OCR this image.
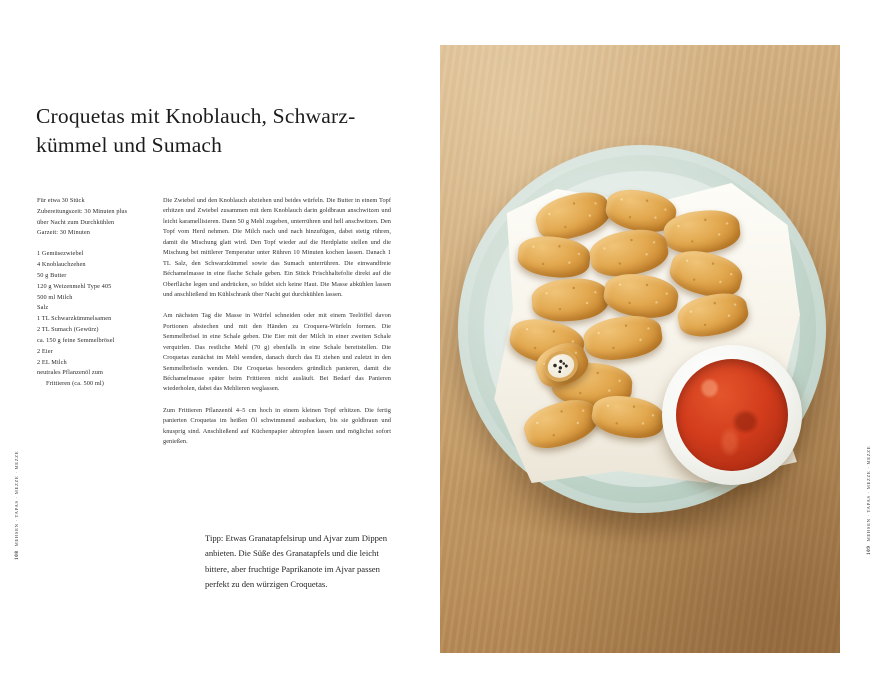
Croquetas mit Knoblauch, Schwarz- kümmel und Sumach
Für etwa 30 Stück
Zubereitungszeit: 30 Minuten plus
über Nacht zum Durchkühlen
Garzeit: 30 Minuten
1 Gemüsezwiebel
4 Knoblauchzehen
50 g Butter
120 g Weizenmehl Type 405
500 ml Milch
Salz
1 TL Schwarzkümmelsamen
2 TL Sumach (Gewürz)
ca. 150 g feine Semmelbrösel
2 Eier
2 EL Milch
neutrales Pflanzenöl zum
Frittieren (ca. 500 ml)

Die Zwiebel und den Knoblauch abziehen und beides würfeln. Die Butter in einem Topf erhitzen und Zwiebel zusammen mit dem Knoblauch darin goldbraun anschwitzen und leicht karamellisieren. Dann 50 g Mehl zugeben, unterrühren und hell anschwitzen. Den Topf vom Herd nehmen. Die Milch nach und nach hinzufügen, dabei stetig rühren, damit die Mischung glatt wird. Den Topf wieder auf die Herdplatte stellen und die Mischung bei mittlerer Temperatur unter Rühren 10 Minuten kochen lassen. Danach 1 TL Salz, den Schwarzkümmel sowie das Sumach unterrühren. Die einwandfreie Béchamelmasse in eine flache Schale geben. Ein Stück Frischhaltefolie direkt auf die Oberfläche legen und andrücken, so bildet sich keine Haut. Die Masse abkühlen lassen und anschließend im Kühlschrank über Nacht gut durchkühlen lassen.

Am nächsten Tag die Masse in Würfel schneiden oder mit einem Teelöffel davon Portionen abstechen und mit den Händen zu Croquera-Würfeln formen. Die Semmelbrösel in eine Schale geben. Die Eier mit der Milch in einer zweiten Schale verquirlen. Das restliche Mehl (70 g) ebenfalls in eine Schale bereitstellen. Die Croquetas zunächst im Mehl wenden, danach durch das Ei ziehen und zuletzt in den Semmelbröseln wenden. Die Croquetas besonders gründlich panieren, damit die Béchamelmasse später beim Frittieren nicht ausläuft. Bei Bedarf das Panieren wiederholen, dabei das Mehlieren weglassen.

Zum Frittieren Pflanzenöl 4–5 cm hoch in einem kleinen Topf erhitzen. Die fertig panierten Croquetas im heißen Öl schwimmend ausbacken, bis sie goldbraun und knusprig sind. Anschließend auf Küchenpapier abtropfen lassen und möglichst sofort genießen.

Tipp: Etwas Granatapfelsirup und Ajvar zum Dippen anbieten. Die Süße des Granatapfels und die leicht bittere, aber fruchtige Paprikanote im Ajvar passen perfekt zu den würzigen Croquetas.
108MEHSEN · TAPAS · MEZZE · MEZZE
109MEHSEN · TAPAS · MEZZE · MEZZE
